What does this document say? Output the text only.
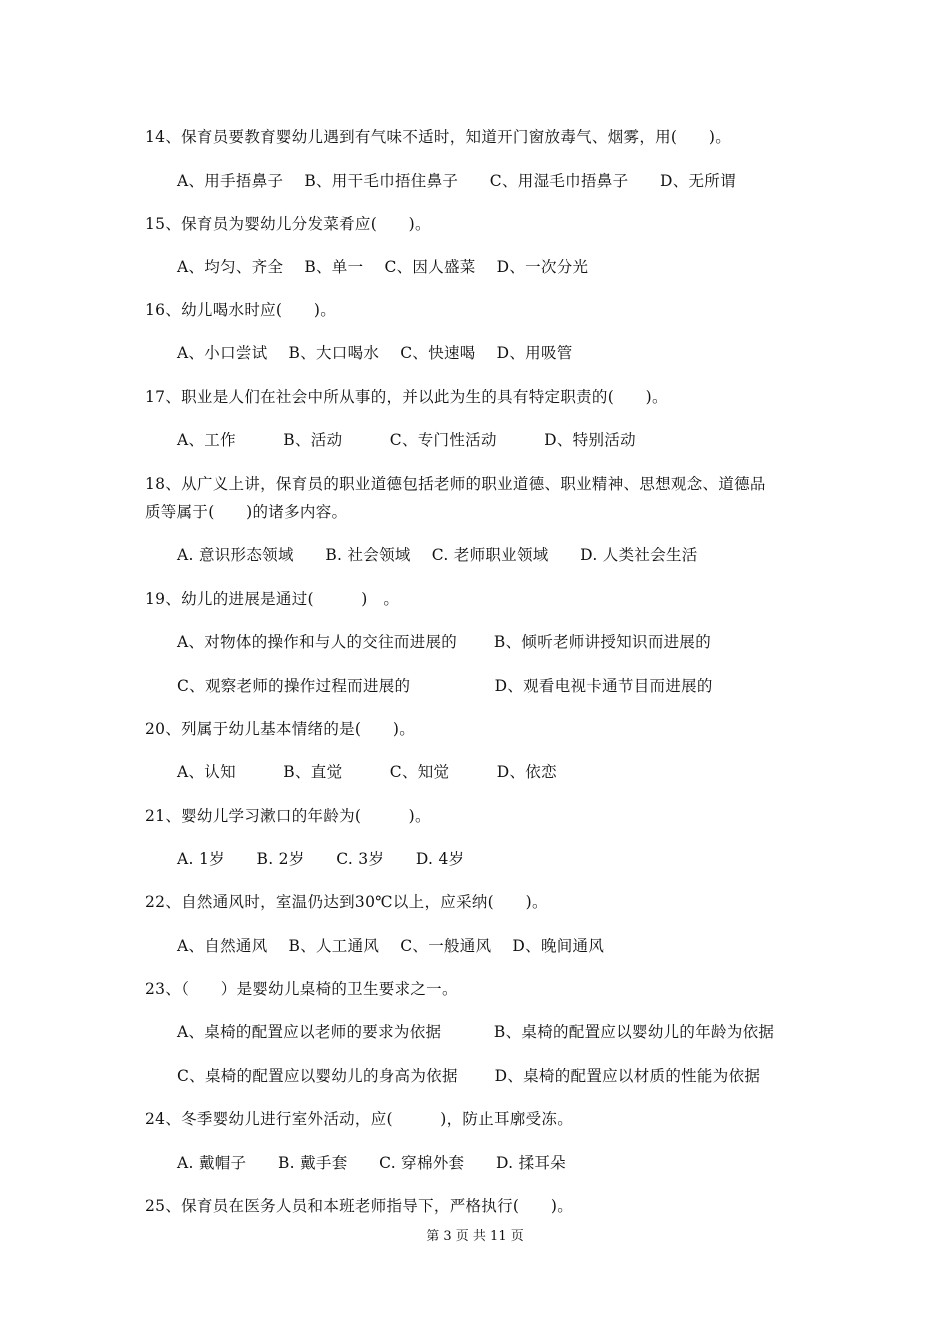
14、保育员要教育婴幼儿遇到有气味不适时，知道开门窗放毒气、烟雾，用(　　)。
A、用手捂鼻子　 B、用干毛巾捂住鼻子　　C、用湿毛巾捂鼻子　　D、无所谓
15、保育员为婴幼儿分发菜肴应(　　)。
A、均匀、齐全　 B、单一　 C、因人盛菜　 D、一次分光
16、幼儿喝水时应(　　)。
A、小口尝试　 B、大口喝水　 C、快速喝　 D、用吸管
17、职业是人们在社会中所从事的，并以此为生的具有特定职责的(　　)。
A、工作　　　B、活动　　　C、专门性活动　　　D、特别活动
18、从广义上讲，保育员的职业道德包括老师的职业道德、职业精神、思想观念、道德品
质等属于(　　)的诸多内容。
A. 意识形态领域　　B. 社会领域　 C. 老师职业领域　　D. 人类社会生活
19、幼儿的进展是通过(　　　)　。
A、对物体的操作和与人的交往而进展的　　 B、倾听老师讲授知识而进展的
C、观察老师的操作过程而进展的　　　　　 D、观看电视卡通节目而进展的
20、列属于幼儿基本情绪的是(　　)。
A、认知　　　B、直觉　　　C、知觉　　　D、依恋
21、婴幼儿学习漱口的年龄为(　　　)。
A. 1岁　　B. 2岁　　C. 3岁　　D. 4岁
22、自然通风时，室温仍达到30℃以上，应采纳(　　)。
A、自然通风　 B、人工通风　 C、一般通风　 D、晚间通风
23、（　　）是婴幼儿桌椅的卫生要求之一。
A、桌椅的配置应以老师的要求为依据　　　 B、桌椅的配置应以婴幼儿的年龄为依据
C、桌椅的配置应以婴幼儿的身高为依据　　 D、桌椅的配置应以材质的性能为依据
24、冬季婴幼儿进行室外活动，应(　　　)，防止耳廓受冻。
A. 戴帽子　　B. 戴手套　　C. 穿棉外套　　D. 揉耳朵
25、保育员在医务人员和本班老师指导下，严格执行(　　)。
第 3 页 共 11 页
